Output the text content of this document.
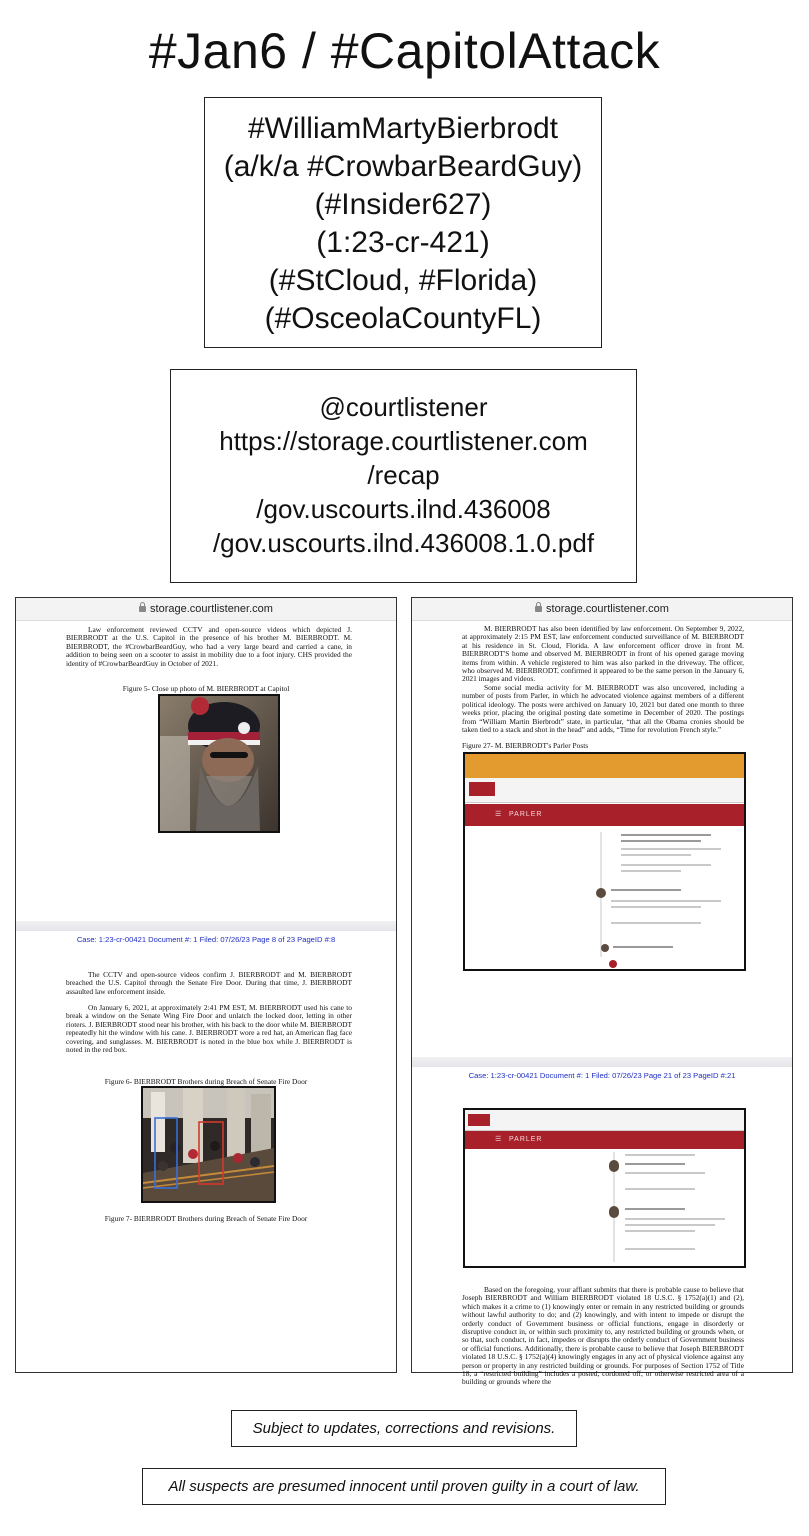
#Jan6 / #CapitolAttack
#WilliamMartyBierbrodt
(a/k/a #CrowbarBeardGuy)
(#Insider627)
(1:23-cr-421)
(#StCloud, #Florida)
(#OsceolaCountyFL)
@courtlistener
https://storage.courtlistener.com
/recap
/gov.uscourts.ilnd.436008
/gov.uscourts.ilnd.436008.1.0.pdf
storage.courtlistener.com
Law enforcement reviewed CCTV and open-source videos which depicted J. BIERBRODT at the U.S. Capitol in the presence of his brother M. BIERBRODT. M. BIERBRODT, the #CrowbarBeardGuy, who had a very large beard and carried a cane, in addition to being seen on a scooter to assist in mobility due to a foot injury. CHS provided the identity of #CrowbarBeardGuy in October of 2021.
Figure 5- Close up photo of M. BIERBRODT at Capitol
Case: 1:23-cr-00421 Document #: 1 Filed: 07/26/23 Page 8 of 23 PageID #:8
The CCTV and open-source videos confirm J. BIERBRODT and M. BIERBRODT breached the U.S. Capitol through the Senate Fire Door. During that time, J. BIERBRODT assaulted law enforcement inside.
On January 6, 2021, at approximately 2:41 PM EST, M. BIERBRODT used his cane to break a window on the Senate Wing Fire Door and unlatch the locked door, letting in other rioters. J. BIERBRODT stood near his brother, with his back to the door while M. BIERBRODT repeatedly hit the window with his cane. J. BIERBRODT wore a red hat, an American flag face covering, and sunglasses. M. BIERBRODT is noted in the blue box while J. BIERBRODT is noted in the red box.
Figure 6- BIERBRODT Brothers during Breach of Senate Fire Door
Figure 7- BIERBRODT Brothers during Breach of Senate Fire Door
storage.courtlistener.com
M. BIERBRODT has also been identified by law enforcement. On September 9, 2022, at approximately 2:15 PM EST, law enforcement conducted surveillance of M. BIERBRODT at his residence in St. Cloud, Florida. A law enforcement officer drove in front M. BIERBRODT'S home and observed M. BIERBRODT in front of his opened garage moving items from within. A vehicle registered to him was also parked in the driveway. The officer, who observed M. BIERBRODT, confirmed it appeared to be the same person in the January 6, 2021 images and videos.
Some social media activity for M. BIERBRODT was also uncovered, including a number of posts from Parler, in which he advocated violence against members of a different political ideology. The posts were archived on January 10, 2021 but dated one month to three weeks prior, placing the original posting date sometime in December of 2020. The postings from “William Martin Bierbrodt” state, in particular, “that all the Obama cronies should be taken tied to a stack and shot in the head” and adds, “Time for revolution French style.”
Figure 27- M. BIERBRODT's Parler Posts
☰ PARLER
Case: 1:23-cr-00421 Document #: 1 Filed: 07/26/23 Page 21 of 23 PageID #:21
☰ PARLER
Based on the foregoing, your affiant submits that there is probable cause to believe that Joseph BIERBRODT and William BIERBRODT violated 18 U.S.C. § 1752(a)(1) and (2), which makes it a crime to (1) knowingly enter or remain in any restricted building or grounds without lawful authority to do; and (2) knowingly, and with intent to impede or disrupt the orderly conduct of Government business or official functions, engage in disorderly or disruptive conduct in, or within such proximity to, any restricted building or grounds when, or so that, such conduct, in fact, impedes or disrupts the orderly conduct of Government business or official functions. Additionally, there is probable cause to believe that Joseph BIERBRODT violated 18 U.S.C. § 1752(a)(4) knowingly engages in any act of physical violence against any person or property in any restricted building or grounds. For purposes of Section 1752 of Title 18, a “restricted building” includes a posted, cordoned off, or otherwise restricted area of a building or grounds where the
Subject to updates, corrections and revisions.
All suspects are presumed innocent until proven guilty in a court of law.
